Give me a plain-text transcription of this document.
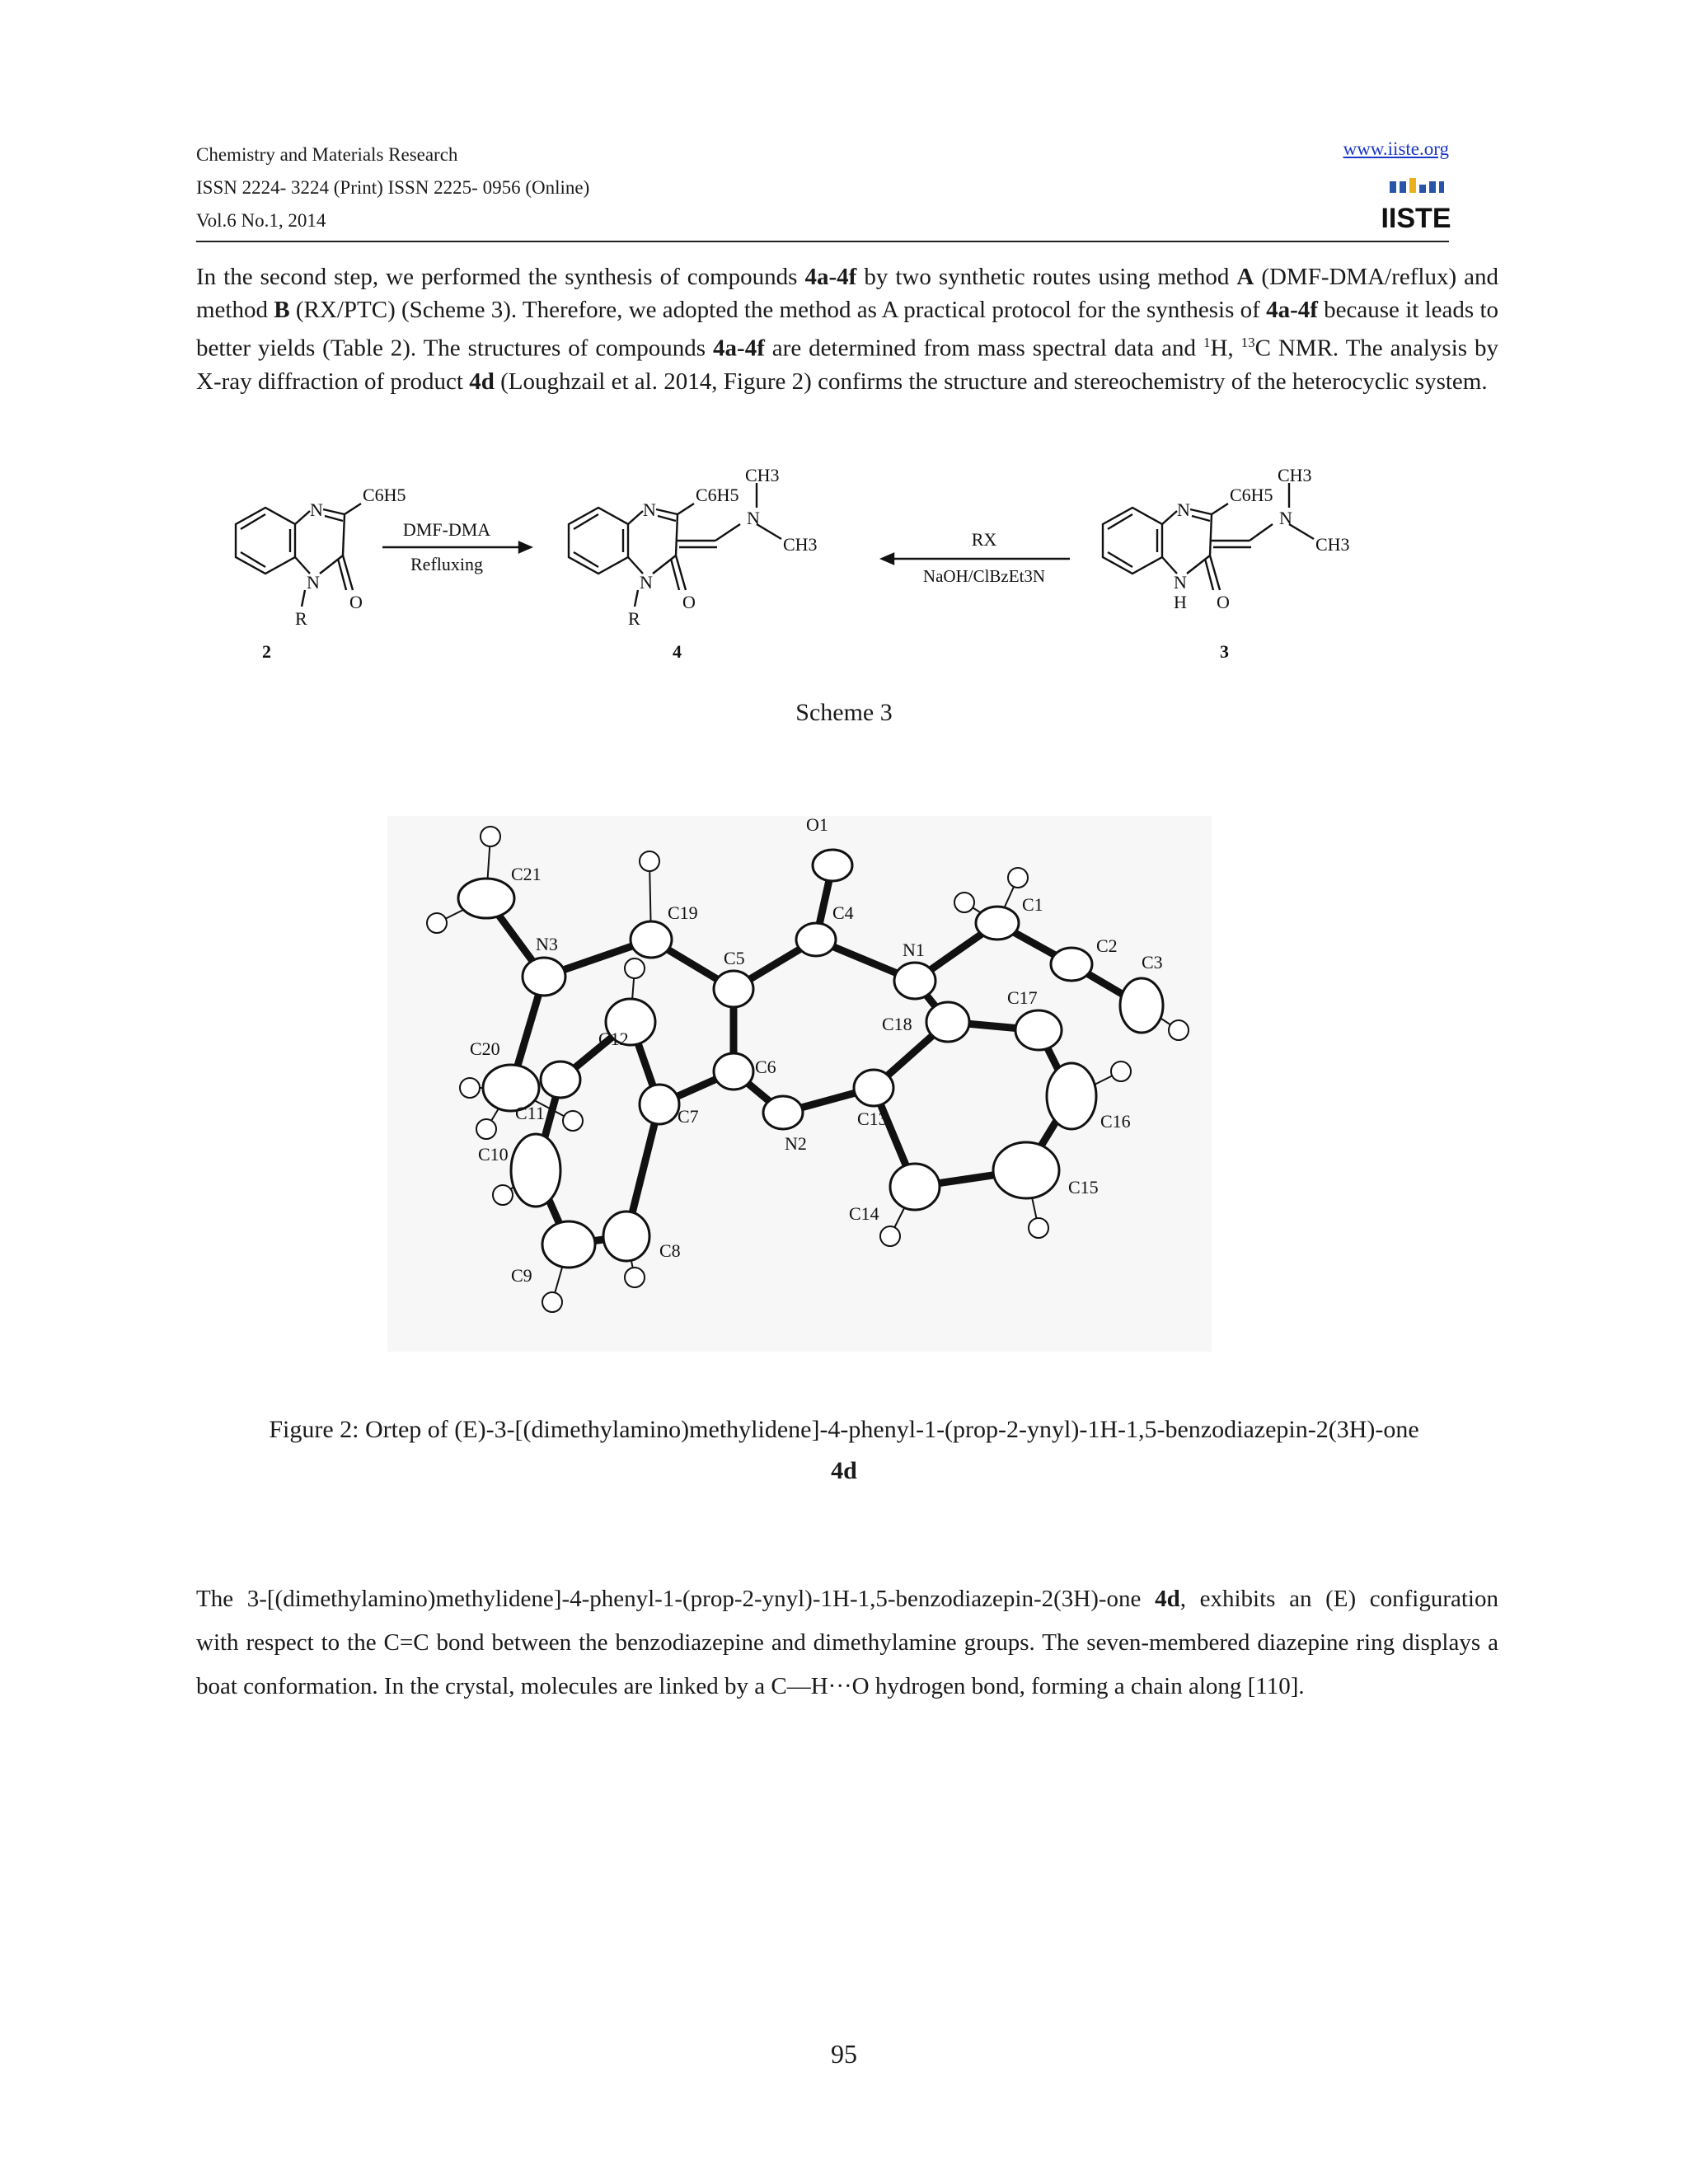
Chemistry and Materials Research
ISSN 2224- 3224 (Print) ISSN 2225- 0956 (Online)
Vol.6 No.1, 2014
www.iiste.org
IISTE
In the second step, we performed the synthesis of compounds 4a-4f by two synthetic routes using method A (DMF-DMA/reflux) and method B (RX/PTC) (Scheme 3). Therefore, we adopted the method as A practical protocol for the synthesis of 4a-4f because it leads to better yields (Table 2). The structures of compounds 4a-4f are determined from mass spectral data and $^1$H, $^{13}$C NMR. The analysis by X-ray diffraction of product 4d (Loughzail et al. 2014, Figure 2) confirms the structure and stereochemistry of the heterocyclic system.
N
C6H5
N
O
R
2
DMF-DMA
Refluxing
N
C6H5
CH3
N
CH3
N
O
R
4
RX
NaOH/ClBzEt3N
N
C6H5
CH3
N
CH3
N
H O
3
Scheme 3
O1
C4
C21
N3
C19
C5	N1
C1
C2
C3
C17
C18
C20	C12
C6
C11	C7	C13
N2
C16
C10
C8
C15
C14
C9
Figure 2: Ortep of (E)-3-[(dimethylamino)methylidene]-4-phenyl-1-(prop-2-ynyl)-1H-1,5-benzodiazepin-2(3H)-one
4d
The 3-[(dimethylamino)methylidene]-4-phenyl-1-(prop-2-ynyl)-1H-1,5-benzodiazepin-2(3H)-one 4d, exhibits an (E) configuration with respect to the C=C bond between the benzodiazepine and dimethylamine groups. The seven-membered diazepine ring displays a boat conformation. In the crystal, molecules are linked by a C—H···O hydrogen bond, forming a chain along [110].
95
